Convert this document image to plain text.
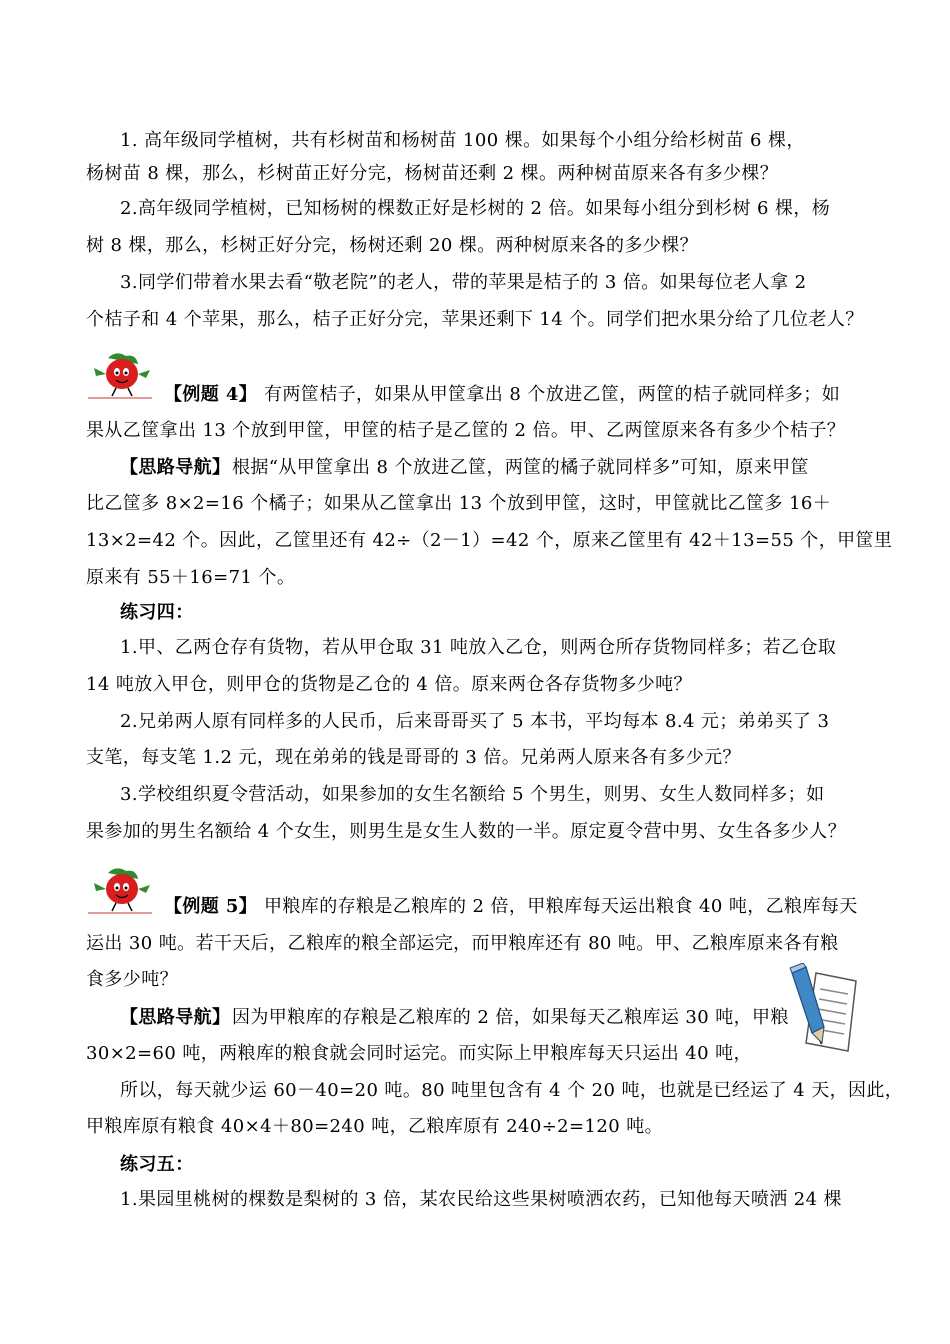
1. 高年级同学植树，共有杉树苗和杨树苗 100 棵。如果每个小组分给杉树苗 6 棵，
杨树苗 8 棵，那么，杉树苗正好分完，杨树苗还剩 2 棵。两种树苗原来各有多少棵？
2.高年级同学植树，已知杨树的棵数正好是杉树的 2 倍。如果每小组分到杉树 6 棵，杨
树 8 棵，那么，杉树正好分完，杨树还剩 20 棵。两种树原来各的多少棵？
3.同学们带着水果去看“敬老院”的老人，带的苹果是桔子的 3 倍。如果每位老人拿 2
个桔子和 4 个苹果，那么，桔子正好分完，苹果还剩下 14 个。同学们把水果分给了几位老人？
【例题 4】 有两筐桔子，如果从甲筐拿出 8 个放进乙筐，两筐的桔子就同样多；如
果从乙筐拿出 13 个放到甲筐，甲筐的桔子是乙筐的 2 倍。甲、乙两筐原来各有多少个桔子？
【思路导航】 根据“从甲筐拿出 8 个放进乙筐，两筐的橘子就同样多”可知，原来甲筐
比乙筐多 8×2=16 个橘子；如果从乙筐拿出 13 个放到甲筐，这时，甲筐就比乙筐多 16＋
13×2=42 个。因此，乙筐里还有 42÷（2－1）=42 个，原来乙筐里有 42＋13=55 个，甲筐里
原来有 55＋16=71 个。
练习四：
1.甲、乙两仓存有货物，若从甲仓取 31 吨放入乙仓，则两仓所存货物同样多；若乙仓取
14 吨放入甲仓，则甲仓的货物是乙仓的 4 倍。原来两仓各存货物多少吨？
2.兄弟两人原有同样多的人民币，后来哥哥买了 5 本书，平均每本 8.4 元；弟弟买了 3
支笔，每支笔 1.2 元，现在弟弟的钱是哥哥的 3 倍。兄弟两人原来各有多少元？
3.学校组织夏令营活动，如果参加的女生名额给 5 个男生，则男、女生人数同样多；如
果参加的男生名额给 4 个女生，则男生是女生人数的一半。原定夏令营中男、女生各多少人？
【例题 5】 甲粮库的存粮是乙粮库的 2 倍，甲粮库每天运出粮食 40 吨，乙粮库每天
运出 30 吨。若干天后，乙粮库的粮全部运完，而甲粮库还有 80 吨。甲、乙粮库原来各有粮
食多少吨？
【思路导航】 因为甲粮库的存粮是乙粮库的 2 倍，如果每天乙粮库运 30 吨，甲粮
30×2=60 吨，两粮库的粮食就会同时运完。而实际上甲粮库每天只运出 40 吨，
所以，每天就少运 60－40=20 吨。80 吨里包含有 4 个 20 吨，也就是已经运了 4 天，因此，
甲粮库原有粮食 40×4＋80=240 吨，乙粮库原有 240÷2=120 吨。
练习五：
1.果园里桃树的棵数是梨树的 3 倍，某农民给这些果树喷洒农药，已知他每天喷洒 24 棵
